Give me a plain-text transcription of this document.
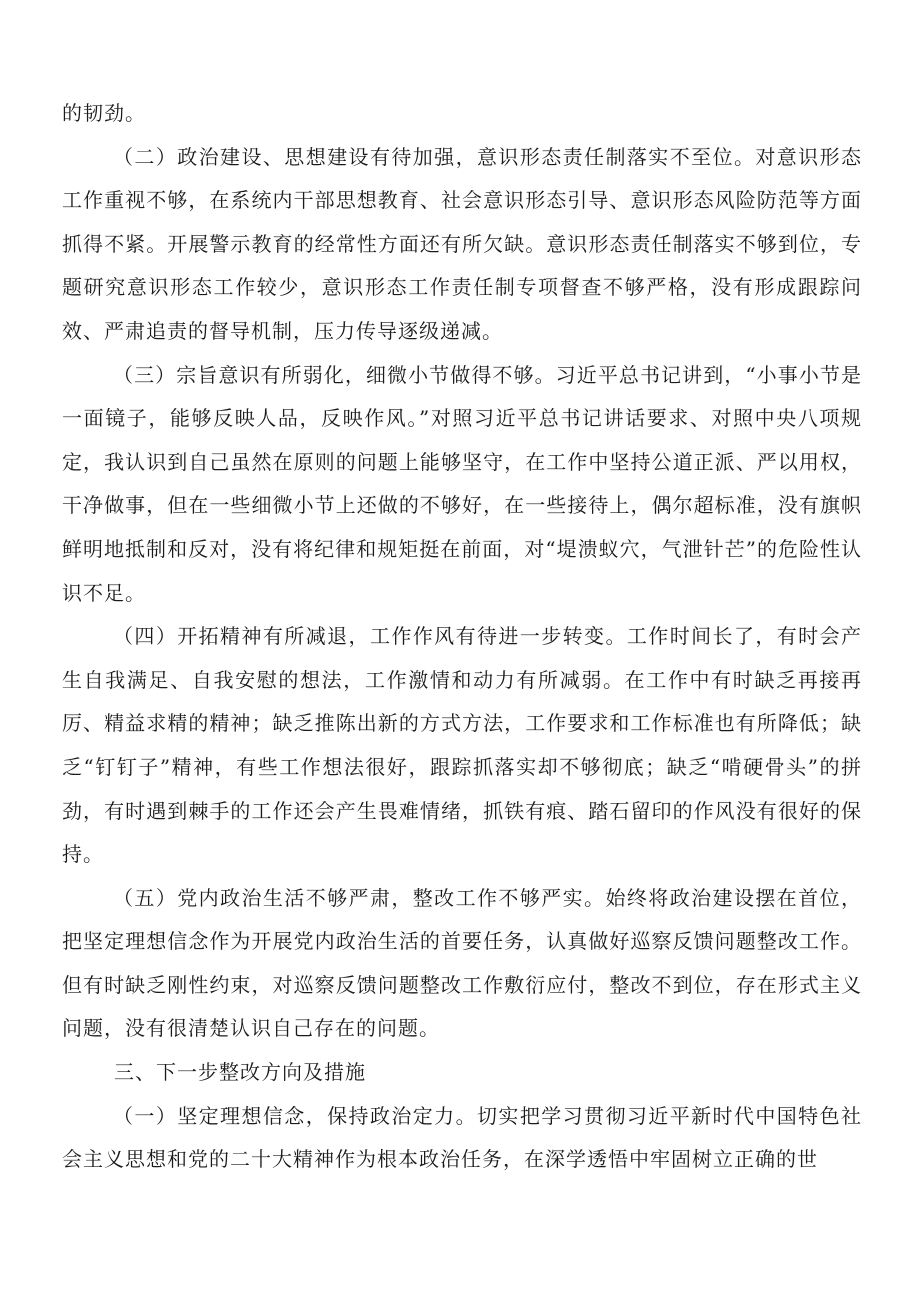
的韧劲。

（二）政治建设、思想建设有待加强，意识形态责任制落实不至位。对意识形态工作重视不够，在系统内干部思想教育、社会意识形态引导、意识形态风险防范等方面抓得不紧。开展警示教育的经常性方面还有所欠缺。意识形态责任制落实不够到位，专题研究意识形态工作较少，意识形态工作责任制专项督查不够严格，没有形成跟踪问效、严肃追责的督导机制，压力传导逐级递减。

（三）宗旨意识有所弱化，细微小节做得不够。习近平总书记讲到，“小事小节是一面镜子，能够反映人品，反映作风。”对照习近平总书记讲话要求、对照中央八项规定，我认识到自己虽然在原则的问题上能够坚守，在工作中坚持公道正派、严以用权，干净做事，但在一些细微小节上还做的不够好，在一些接待上，偶尔超标准，没有旗帜鲜明地抵制和反对，没有将纪律和规矩挺在前面，对“堤溃蚁穴，气泄针芒”的危险性认识不足。

（四）开拓精神有所减退，工作作风有待进一步转变。工作时间长了，有时会产生自我满足、自我安慰的想法，工作激情和动力有所减弱。在工作中有时缺乏再接再厉、精益求精的精神；缺乏推陈出新的方式方法，工作要求和工作标准也有所降低；缺乏“钉钉子”精神，有些工作想法很好，跟踪抓落实却不够彻底；缺乏“啃硬骨头”的拼劲，有时遇到棘手的工作还会产生畏难情绪，抓铁有痕、踏石留印的作风没有很好的保持。

（五）党内政治生活不够严肃，整改工作不够严实。始终将政治建设摆在首位，把坚定理想信念作为开展党内政治生活的首要任务，认真做好巡察反馈问题整改工作。但有时缺乏刚性约束，对巡察反馈问题整改工作敷衍应付，整改不到位，存在形式主义问题，没有很清楚认识自己存在的问题。

三、下一步整改方向及措施

（一）坚定理想信念，保持政治定力。切实把学习贯彻习近平新时代中国特色社会主义思想和党的二十大精神作为根本政治任务，在深学透悟中牢固树立正确的世
